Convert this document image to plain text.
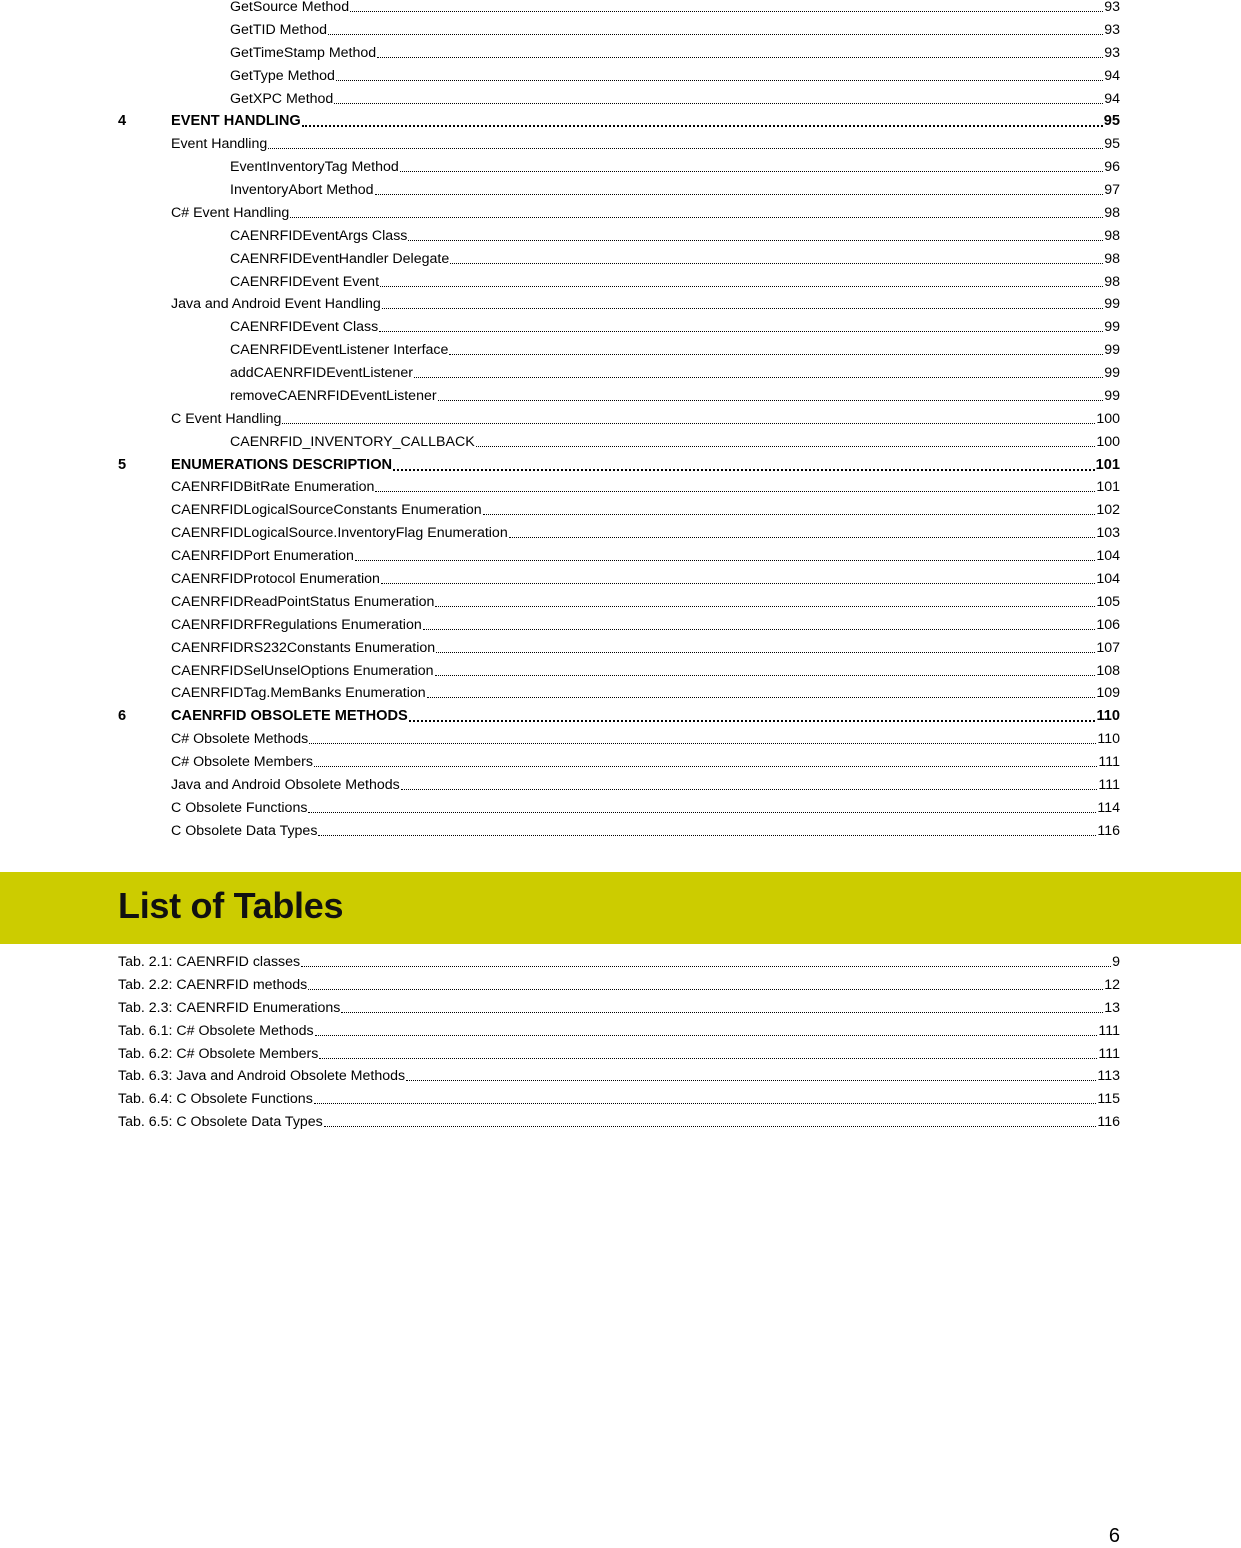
GetSource Method	93
GetTID Method	93
GetTimeStamp Method	93
GetType Method	94
GetXPC Method	94
4	EVENT HANDLING	95
Event Handling	95
EventInventoryTag Method	96
InventoryAbort Method	97
C# Event Handling	98
CAENRFIDEventArgs Class	98
CAENRFIDEventHandler Delegate	98
CAENRFIDEvent Event	98
Java and Android Event Handling	99
CAENRFIDEvent Class	99
CAENRFIDEventListener Interface	99
addCAENRFIDEventListener	99
removeCAENRFIDEventListener	99
C Event Handling	100
CAENRFID_INVENTORY_CALLBACK	100
5	ENUMERATIONS DESCRIPTION	101
CAENRFIDBitRate Enumeration	101
CAENRFIDLogicalSourceConstants Enumeration	102
CAENRFIDLogicalSource.InventoryFlag Enumeration	103
CAENRFIDPort Enumeration	104
CAENRFIDProtocol Enumeration	104
CAENRFIDReadPointStatus Enumeration	105
CAENRFIDRFRegulations Enumeration	106
CAENRFIDRS232Constants Enumeration	107
CAENRFIDSelUnselOptions Enumeration	108
CAENRFIDTag.MemBanks Enumeration	109
6	CAENRFID OBSOLETE METHODS	110
C# Obsolete Methods	110
C# Obsolete Members	111
Java and Android Obsolete Methods	111
C Obsolete Functions	114
C Obsolete Data Types	116
List of Tables
Tab. 2.1: CAENRFID classes	9
Tab. 2.2: CAENRFID methods	12
Tab. 2.3: CAENRFID Enumerations	13
Tab. 6.1: C# Obsolete Methods	111
Tab. 6.2: C# Obsolete Members	111
Tab. 6.3: Java and Android Obsolete Methods	113
Tab. 6.4: C Obsolete Functions	115
Tab. 6.5: C Obsolete Data Types	116
6
